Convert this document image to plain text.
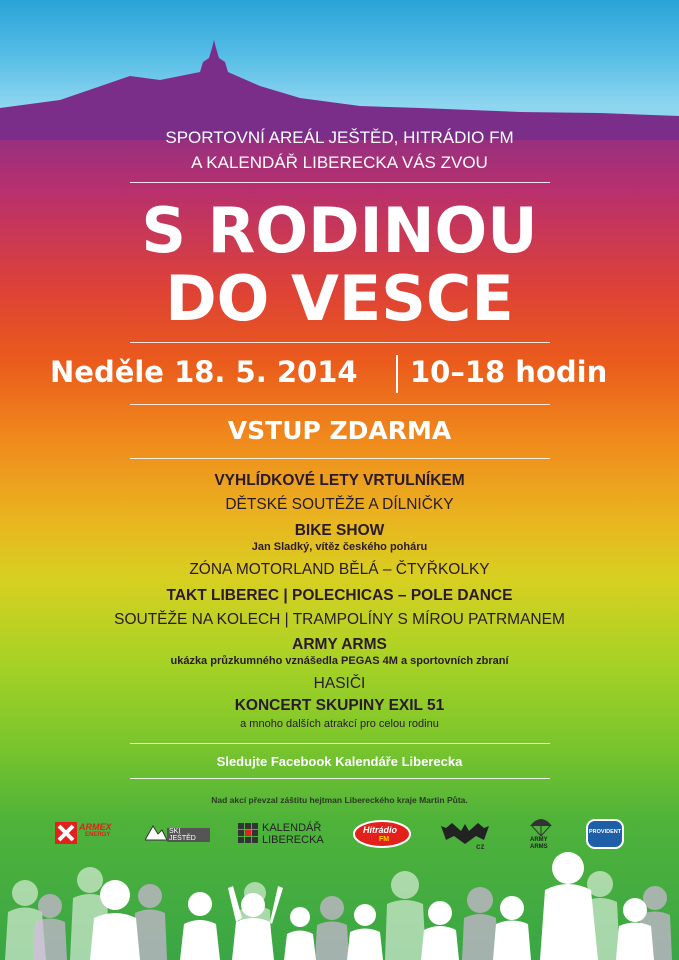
SPORTOVNÍ AREÁL JEŠTĚD, HITRÁDIO FM
A KALENDÁŘ LIBERECKA VÁS ZVOU
S RODINOU
DO VESCE
Neděle 18. 5. 2014 10–18 hodin
VSTUP ZDARMA
VYHLÍDKOVÉ LETY VRTULNÍKEM
DĚTSKÉ SOUTĚŽE A DÍLNIČKY
BIKE SHOW
Jan Sladký, vítěz českého poháru
ZÓNA MOTORLAND BĚLÁ – ČTYŘKOLKY
TAKT LIBEREC | POLECHICAS – POLE DANCE
SOUTĚŽE NA KOLECH | TRAMPOLÍNY S MÍROU PATRMANEM
ARMY ARMS
ukázka průzkumného vznášedla PEGAS 4M a sportovních zbraní
HASIČI
KONCERT SKUPINY EXIL 51
a mnoho dalších atrakcí pro celou rodinu
Sledujte Facebook Kalendáře Liberecka
Nad akcí převzal záštitu hejtman Libereckého kraje Martin Půta.
ARMEX
ENERGY	SKI JEŠTĚD
KALENDÁŘ
LIBERECKA
Hitrádio
FM
cz
ARMY
ARMS
PROVIDENT
